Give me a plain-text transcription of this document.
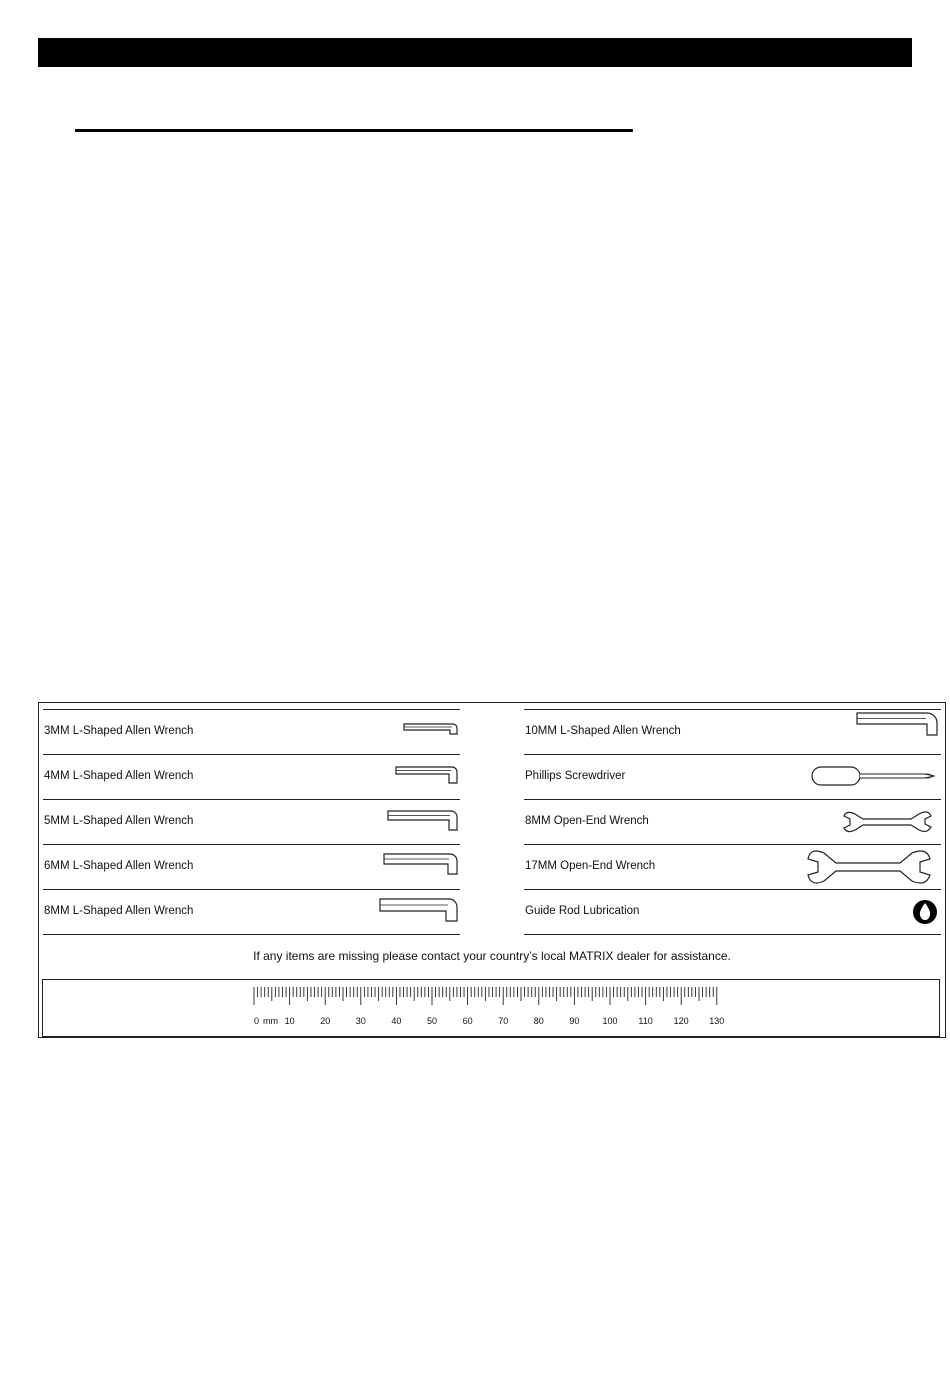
3MM L-Shaped Allen Wrench
4MM L-Shaped Allen Wrench
5MM L-Shaped Allen Wrench
6MM L-Shaped Allen Wrench
8MM L-Shaped Allen Wrench
10MM L-Shaped Allen Wrench
Phillips Screwdriver
8MM Open-End Wrench
17MM Open-End Wrench
Guide Rod Lubrication
If any items are missing please contact your country’s local MATRIX dealer for assistance.
0	10	20	30	40	50	60	70	80	90	100 110 120 130
mm
